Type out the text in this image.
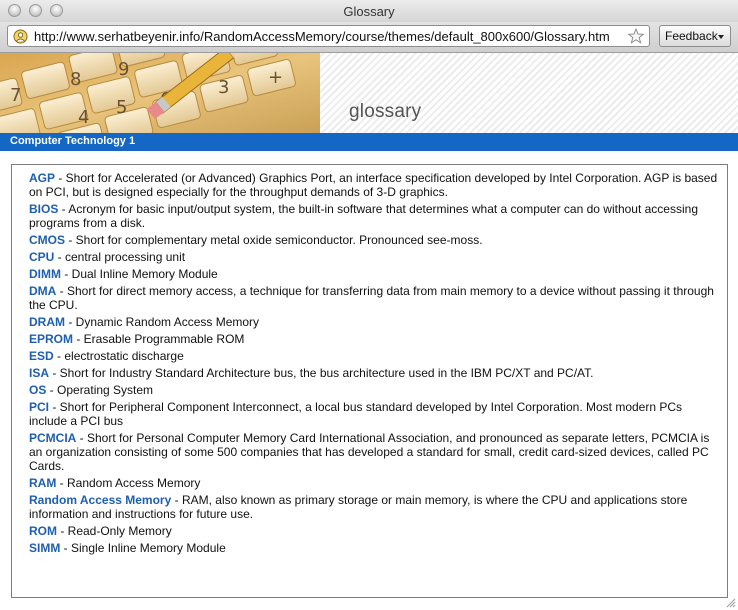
Glossary
http://www.serhatbeyenir.info/RandomAccessMemory/course/themes/default_800x600/Glossary.htm	Feedback
7
8 9
4 5
3 +
glossary
Computer Technology 1
AGP - Short for Accelerated (or Advanced) Graphics Port, an interface specification developed by Intel Corporation. AGP is based on PCI, but is designed especially for the throughput demands of 3-D graphics.
BIOS - Acronym for basic input/output system, the built-in software that determines what a computer can do without accessing programs from a disk.
CMOS - Short for complementary metal oxide semiconductor. Pronounced see-moss.
CPU - central processing unit
DIMM - Dual Inline Memory Module
DMA - Short for direct memory access, a technique for transferring data from main memory to a device without passing it through the CPU.
DRAM - Dynamic Random Access Memory
EPROM - Erasable Programmable ROM
ESD - electrostatic discharge
ISA - Short for Industry Standard Architecture bus, the bus architecture used in the IBM PC/XT and PC/AT.
OS - Operating System
PCI - Short for Peripheral Component Interconnect, a local bus standard developed by Intel Corporation. Most modern PCs include a PCI bus
PCMCIA - Short for Personal Computer Memory Card International Association, and pronounced as separate letters, PCMCIA is an organization consisting of some 500 companies that has developed a standard for small, credit card-sized devices, called PC Cards.
RAM - Random Access Memory
Random Access Memory - RAM, also known as primary storage or main memory, is where the CPU and applications store information and instructions for future use.
ROM - Read-Only Memory
SIMM - Single Inline Memory Module
